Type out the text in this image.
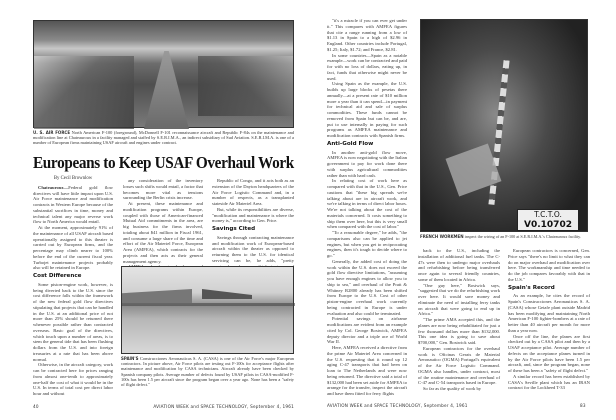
U. S. AIR FORCE North American F-100 (foreground), McDonnell F-101 reconnaissance aircraft and Republic F-84s on the maintenance and modification line at Chateauroux in a facility managed and staffed by S.E.R.I.M.A., an indirect subsidiary of Sud Aviation. S.E.R.I.M.A. is one of a number of European firms maintaining USAF aircraft and engines under contract.
Europeans to Keep USAF Overhaul Work
By Cecil Brownlow

Chateauroux—Federal gold flow directives will have little impact upon U.S. Air Force maintenance and modification contracts in Western Europe because of the substantial sacrifices in time, money and technical talent any major reverse work flow to North America would entail.

At the moment, approximately 91% of the maintenance of all USAF aircraft based operationally assigned to this theater is carried out by European firms, and the percentage may climb nearer to 100% before the end of the current fiscal year. Turbojet maintenance projects probably also will be retained in Europe.

Cost Difference

Some piston-engine work, however, is being diverted back to the U.S. since the cost difference falls within the framework of the new federal gold flow directives stipulating that projects that can be handled in the U.S. at an additional price of not more than 25% should be returned there whenever possible rather than contracted overseas. Basic goal of the directives, which touch upon a number of areas, is to stem the general tide that has been flushing dollars from the U.S. and into foreign treasuries at a rate that has been above normal.

Otherwise, in the aircraft category, work can be contracted here for prices ranging from almost one-tenth to approximately one-half the cost of what it would be in the U.S. In terms of total cost per direct labor hour and without

any consideration of the inventory losses such shifts would entail, a factor that becomes more vital as tensions surrounding the Berlin crisis increase.

At present, these maintenance and modification programs within Europe, coupled with those of American-financed Mutual Aid commitments in the area, are big business for the firms involved, totaling about $41 million in Fiscal 1961, and consume a large share of the time and effort of the Air Materiel Force, European Area (AMFEA), which contracts for the projects and then acts as their general management agency.

Republic of Congo, and it acts both as an extension of the Dayton headquarters of the Air Force Logistic Command and, in a number of respects, as a transplanted stateside Air Materiel Area.

But, while its responsibilities are diverse, "modification and maintenance is where the money is," according to Gen. Price.

Savings Cited

Savings through contracting maintenance and modification work of European-based aircraft within the theater as opposed to returning them to the U.S. for identical servicing can be, he adds, "pretty

SPAIN'S Construcciones Aeronauticas S. A. (CASA) is one of the Air Force's major European contractors. In picture above, Air Force pilots are testing out F-100s for acceptance flights after maintenance and modification by CASA technicians. Aircraft already have been checked by Spanish company pilots. Average number of defects found by USAF pilots in CASA-modified F-100s has been 1.5 per aircraft since the program began over a year ago. None has been a "safety of flight defect."
40	AVIATION WEEK and SPACE TECHNOLOGY, September 4, 1961

"it's a miracle if you can ever get under it." This compares with AMFEA figures that cite a range running from a low of $1.13 in Spain to a high of $2.96 in England. Other countries include Portugal, $1.25; Italy, $1.72; and France, $2.81.

In some countries—Spain as a notable example—work can be contracted and paid for with no loss of dollars, eating up, in fact, funds that otherwise might never be used.

Using Spain as the example, the U.S. builds up large blocks of pesetas there annually—at a present rate of $10 million more a year than it can spend—in payment for technical aid and sale of surplus commodities. These funds cannot be removed from Spain but can be, and are, put to use internally in paying for such programs as AMFEA maintenance and modification contracts with Spanish firms.

Anti-Gold Flow

In another anti-gold flow move, AMFEA is now negotiating with the Italian government to pay for work done there with surplus agricultural commodities rather than with hard cash.

In relating cost of work here as compared with that in the U.S., Gen. Price cautions that "these big spreads we're talking about are in aircraft work, and we're talking in terms of direct labor hours. We're not talking about the cost of the materials concerned. It costs something to ship them over here, but this is very small when compared with the cost of labor."

"To a reasonable degree," he adds, "the comparisons also can be applied to jet engines, but when you get to reciprocating engines, then it's tough to decide where to go."

Generally, the added cost of doing the work within the U.S. does not exceed the gold flow directive limitations, "assuming you have enough engines to allow you to ship to sea," and overhaul of the Pratt & Whitney R2800 already has been shifted from Europe to the U.S. Cost of other piston-engine overhaul work currently being contracted in Europe is under evaluation and also could be terminated.

Potential savings on airframe modifications are evident from an example cited by Col. George Bostwick, AMFEA deputy director and a triple ace of World War II.

Here, AMFEA received a directive from the prime Air Materiel Area concerned in the U.S. requesting that it round up 12 aging C-47 transports that had been on loan to The Netherlands and were now being returned. The directive said a total of $132,000 had been set aside for AMFEA to arrange for the transfer, inspect the aircraft and have them fitted for ferry flights

T.C.T.O.
V0.10702
FRENCH WORKMEN inspect the wiring of an F-100 at S.E.R.I.M.A.'s Chateauroux facility.

back to the U.S., including the installation of additional fuel tanks. The C-47s were then to undergo major overhauls and refurbishing before being transferred once again to several friendly countries, some of them located in Africa.

"One guy here," Bostwick says, "suggested that we do the refurbishing work over here. It would save money and eliminate the need of installing ferry tanks on aircraft that were going to end up in Africa."

"The prime AMA accepted this, and the planes are now being rehabilitated for just a few thousand dollars more than $132,000. This one idea is going to save about $700,000," Gen. Bostwick said.

European contractors for the overhaul work is Oficinas Gerais de Material Aeronautico (OGMA) Portugal's equivalent of the Air Force Logistic Command. OGMA also handles, under contract, most of the routine maintenance and overhaul of C-47 and C-54 transports based in Europe.

So far as the quality of work by

European contractors is concerned, Gen. Price says "there's no limit to what they can do on major overhaul and modification over here. The workmanship and time needed to do the job compares favorably with that in the U.S."

Spain's Record

As an example, he cites the record of Spain's Construcciones Aeronauticas S. A. (CASA) whose Getafe plant outside Madrid has been modifying and maintaining North American F-100 fighter-bombers at a rate of better than 40 aircraft per month for more than a year now.

Once off the line, the planes are first checked out by a CASA pilot and then by a USAF acceptance pilot. Average number of defects on the acceptance planes turned in by the Air Force pilots have been 1.5 per aircraft, and, since the program began, none of these has been a "safety of flight defect."

A similar record has been established by CASA's Seville plant which has an IRAN contract for the Lockheed T-33

AVIATION WEEK and SPACE TECHNOLOGY, September 4, 1961	83
